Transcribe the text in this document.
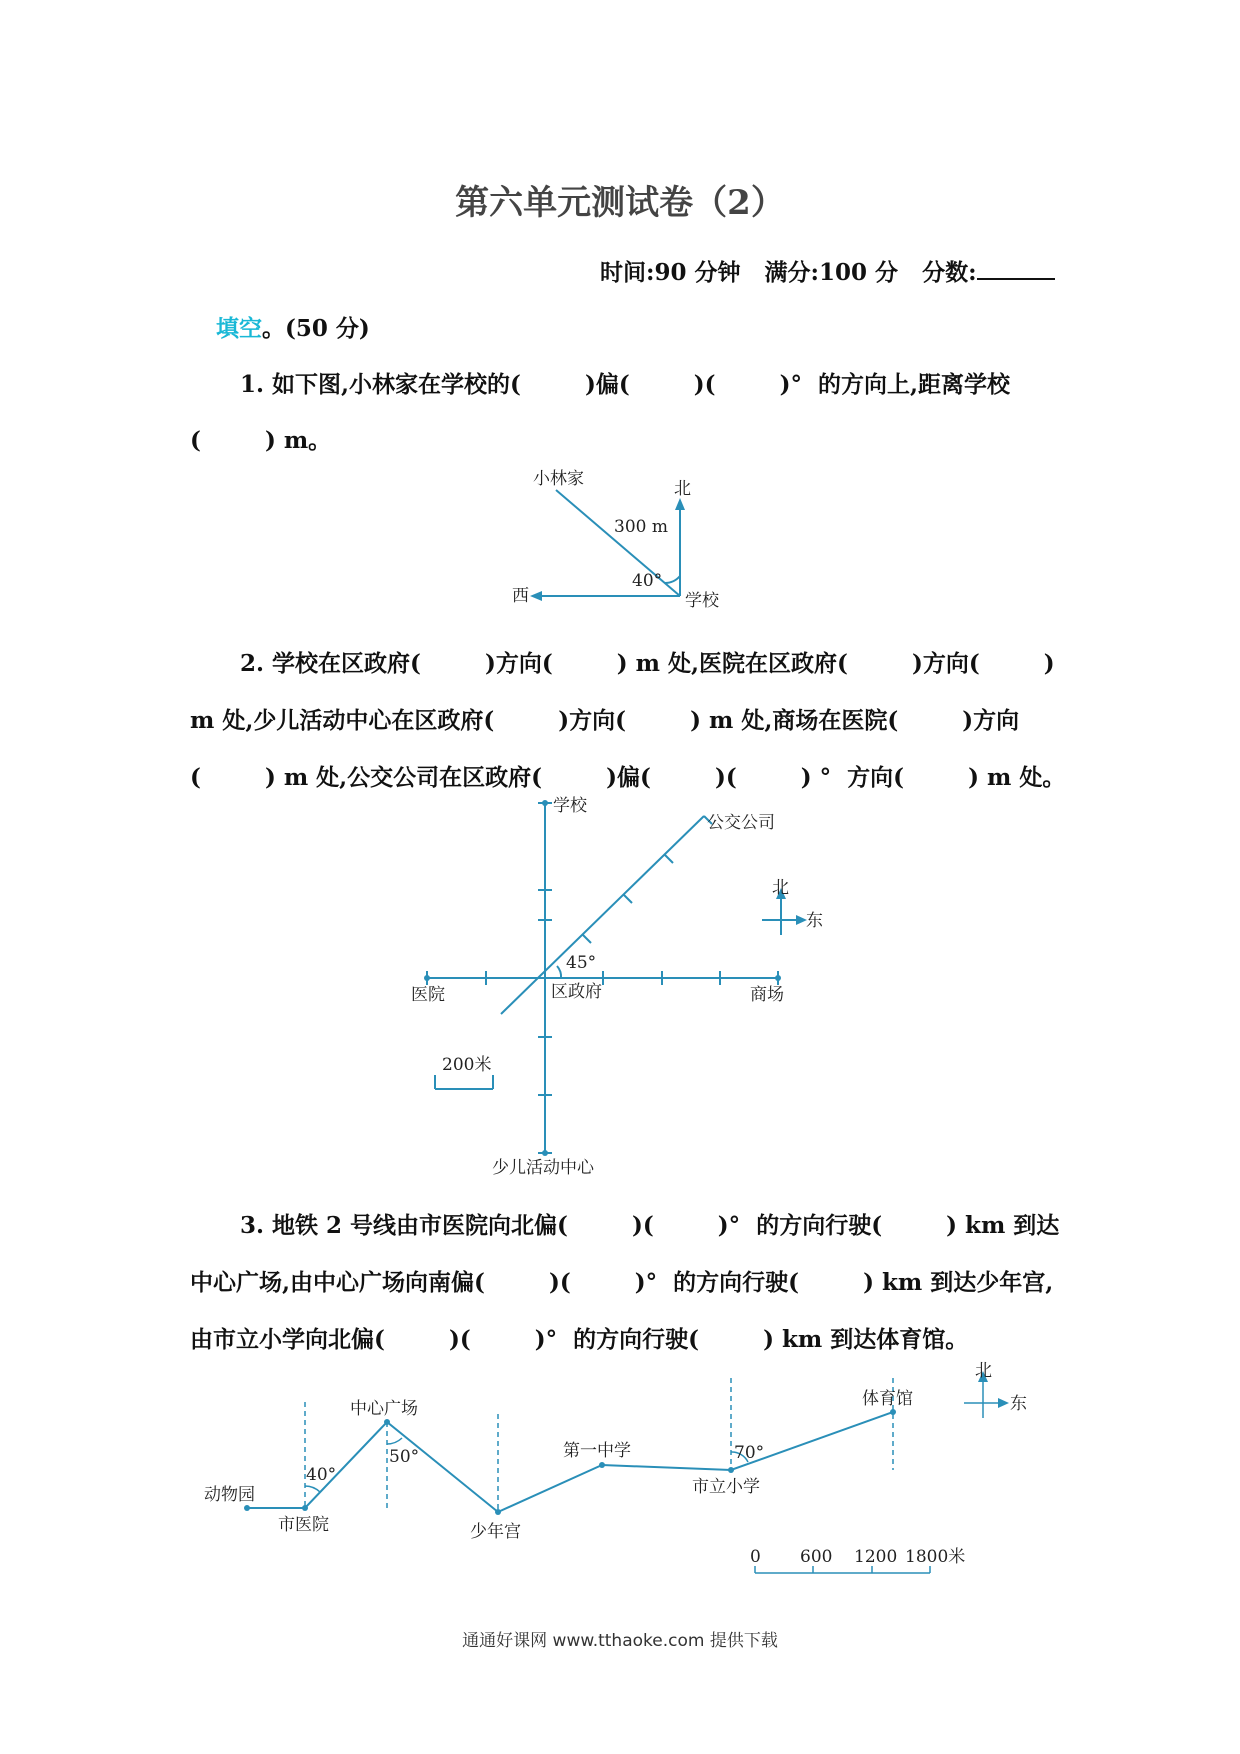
第六单元测试卷（2）
时间:90 分钟 满分:100 分 分数:
填空。(50 分)
1. 如下图,小林家在学校的(        )偏(        )(        )°  的方向上,距离学校
(        ) m。
小林家	北
300 m
40°
西	学校
2. 学校在区政府(        )方向(        ) m 处,医院在区政府(        )方向(        )
m 处,少儿活动中心在区政府(        )方向(        ) m 处,商场在医院(        )方向
(        ) m 处,公交公司在区政府(        )偏(        )(        ) °  方向(        ) m 处。
学校
公交公司
北
东
45°
医院	区政府	商场
200米
少儿活动中心
3. 地铁 2 号线由市医院向北偏(        )(        )°  的方向行驶(        ) km 到达
中心广场,由中心广场向南偏(        )(        )°  的方向行驶(        ) km 到达少年宫,
由市立小学向北偏(        )(        )°  的方向行驶(        ) km 到达体育馆。
动物园
市医院
中心广场
少年宫
第一中学
市立小学
体育馆
40°
50°	70°
北
东
0 600 1200 1800米
通通好课网 www.tthaoke.com 提供下载
